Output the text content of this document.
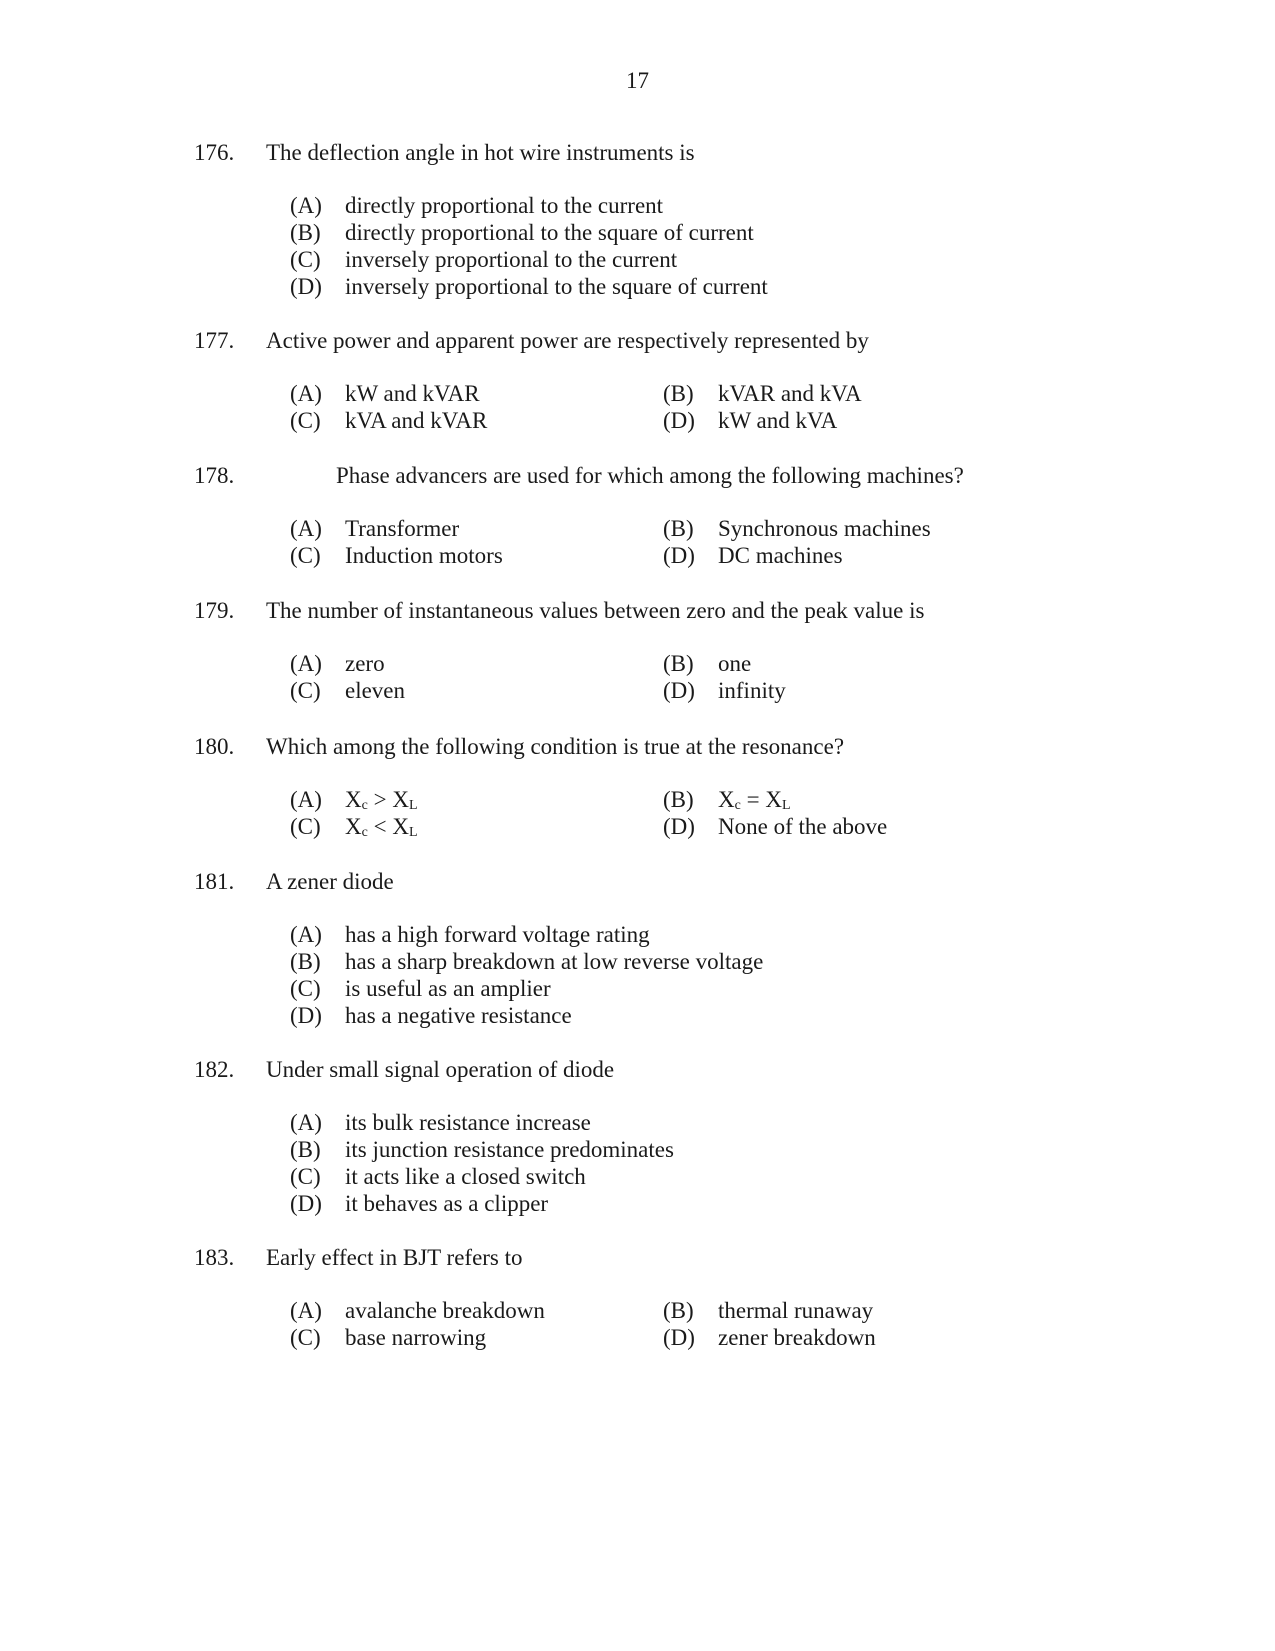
17
176. The deflection angle in hot wire instruments is
(A) directly proportional to the current
(B) directly proportional to the square of current
(C) inversely proportional to the current
(D) inversely proportional to the square of current
177. Active power and apparent power are respectively represented by
(A) kW and kVAR	(B) kVAR and kVA
(C) kVA and kVAR	(D) kW and kVA
178.	Phase advancers are used for which among the following machines?
(A) Transformer	(B) Synchronous machines
(C) Induction motors	(D) DC machines
179. The number of instantaneous values between zero and the peak value is
(A) zero	(B) one
(C) eleven	(D) infinity
180. Which among the following condition is true at the resonance?
(A) $X_c > X_L$	(B) $X_c = X_L$
(C) $X_c < X_L$	(D) None of the above
181. A zener diode
(A) has a high forward voltage rating
(B) has a sharp breakdown at low reverse voltage
(C) is useful as an amplier
(D) has a negative resistance
182. Under small signal operation of diode
(A) its bulk resistance increase
(B) its junction resistance predominates
(C) it acts like a closed switch
(D) it behaves as a clipper
183. Early effect in BJT refers to
(A) avalanche breakdown	(B) thermal runaway
(C) base narrowing	(D) zener breakdown
